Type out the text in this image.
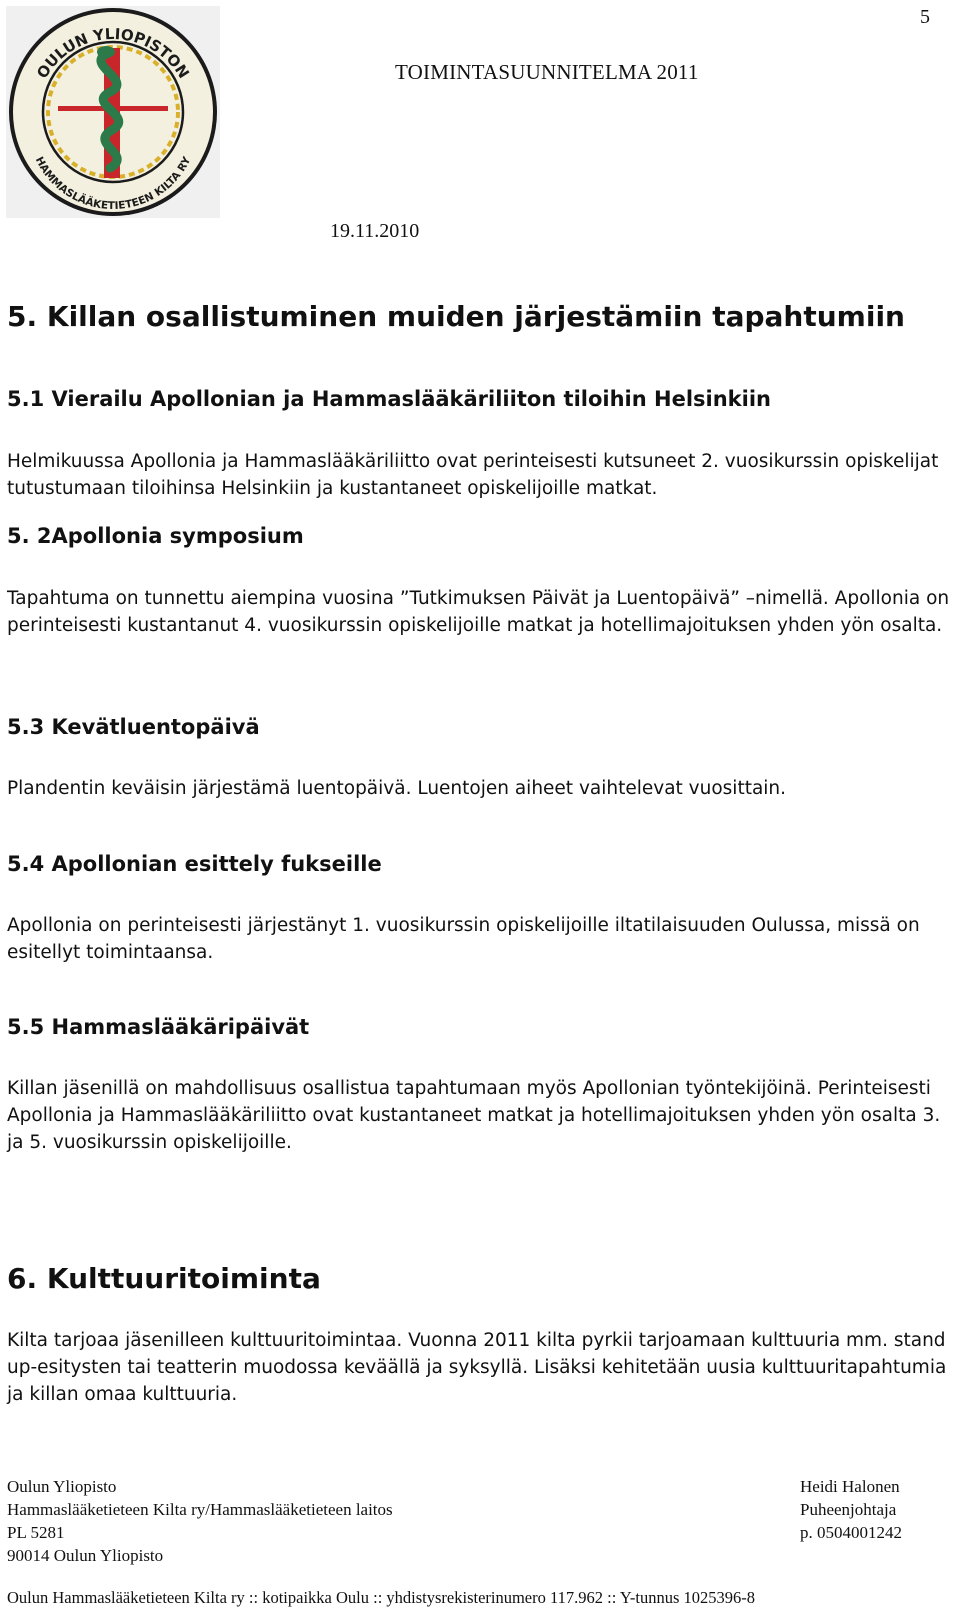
5
TOIMINTASUUNNITELMA 2011
19.11.2010
OULUN YLIOPISTON
HAMMASLÄÄKETIETEEN KILTA RY
5. Killan osallistuminen muiden järjestämiin tapahtumiin
5.1 Vierailu Apollonian ja Hammaslääkäriliiton tiloihin Helsinkiin
Helmikuussa Apollonia ja Hammaslääkäriliitto ovat perinteisesti kutsuneet 2. vuosikurssin opiskelijat tutustumaan tiloihinsa Helsinkiin ja kustantaneet opiskelijoille matkat.
5. 2Apollonia symposium
Tapahtuma on tunnettu aiempina vuosina ”Tutkimuksen Päivät ja Luentopäivä” –nimellä. Apollonia on perinteisesti kustantanut 4. vuosikurssin opiskelijoille matkat ja hotellimajoituksen yhden yön osalta.
5.3 Kevätluentopäivä
Plandentin keväisin järjestämä luentopäivä. Luentojen aiheet vaihtelevat vuosittain.
5.4 Apollonian esittely fukseille
Apollonia on perinteisesti järjestänyt 1. vuosikurssin opiskelijoille iltatilaisuuden Oulussa, missä on esitellyt toimintaansa.
5.5 Hammaslääkäripäivät
Killan jäsenillä on mahdollisuus osallistua tapahtumaan myös Apollonian työntekijöinä. Perinteisesti Apollonia ja Hammaslääkäriliitto ovat kustantaneet matkat ja hotellimajoituksen yhden yön osalta 3. ja 5. vuosikurssin opiskelijoille.
6. Kulttuuritoiminta
Kilta tarjoaa jäsenilleen kulttuuritoimintaa. Vuonna 2011 kilta pyrkii tarjoamaan kulttuuria mm. stand up-esitysten tai teatterin muodossa keväällä ja syksyllä. Lisäksi kehitetään uusia kulttuuritapahtumia ja killan omaa kulttuuria.
Oulun Yliopisto
Hammaslääketieteen Kilta ry/Hammaslääketieteen laitos
PL 5281
90014 Oulun Yliopisto
Heidi Halonen
Puheenjohtaja
p. 0504001242
Oulun Hammaslääketieteen Kilta ry :: kotipaikka Oulu :: yhdistysrekisterinumero 117.962 :: Y-tunnus 1025396-8
